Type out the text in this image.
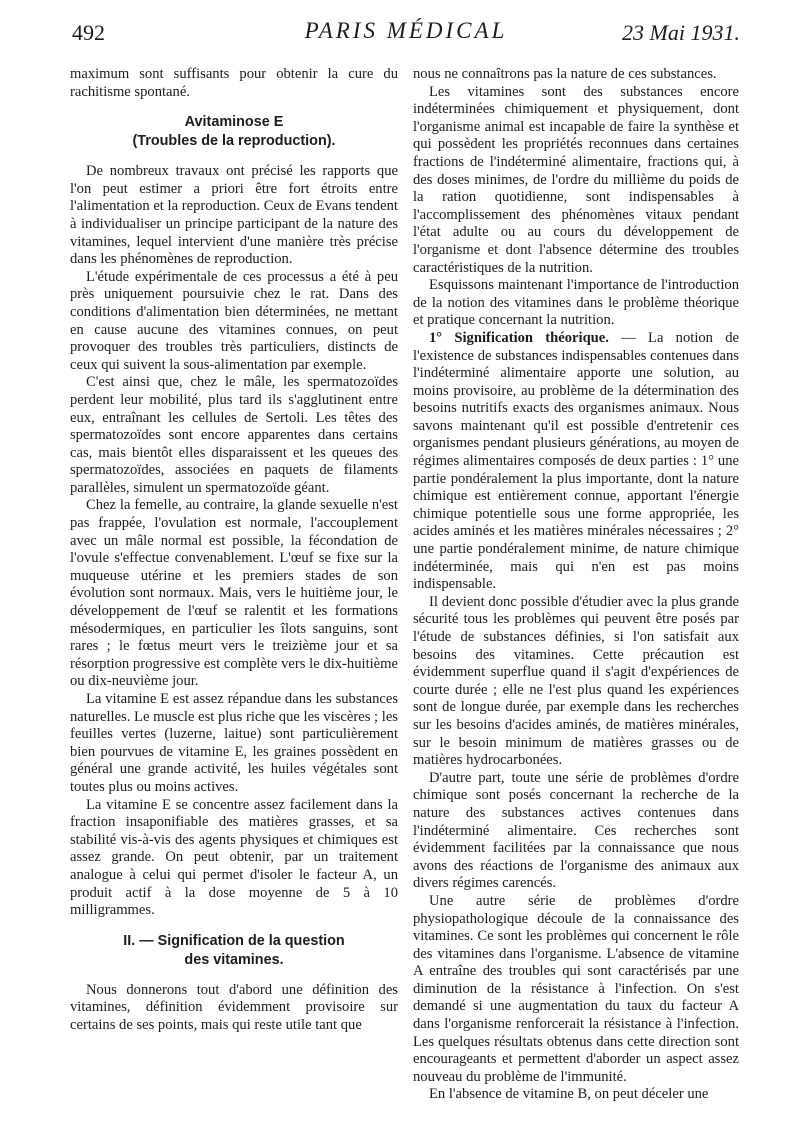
492	PARIS MÉDICAL	23 Mai 1931.

maximum sont suffisants pour obtenir la cure du rachitisme spontané.

Avitaminose E
(Troubles de la reproduction).

De nombreux travaux ont précisé les rapports que l'on peut estimer a priori être fort étroits entre l'alimentation et la reproduction. Ceux de Evans tendent à individualiser un principe participant de la nature des vitamines, lequel intervient d'une manière très précise dans les phénomènes de reproduction.

L'étude expérimentale de ces processus a été à peu près uniquement poursuivie chez le rat. Dans des conditions d'alimentation bien déterminées, ne mettant en cause aucune des vitamines connues, on peut provoquer des troubles très particuliers, distincts de ceux qui suivent la sous-alimentation par exemple.

C'est ainsi que, chez le mâle, les spermatozoïdes perdent leur mobilité, plus tard ils s'agglutinent entre eux, entraînant les cellules de Sertoli. Les têtes des spermatozoïdes sont encore apparentes dans certains cas, mais bientôt elles disparaissent et les queues des spermatozoïdes, associées en paquets de filaments parallèles, simulent un spermatozoïde géant.

Chez la femelle, au contraire, la glande sexuelle n'est pas frappée, l'ovulation est normale, l'accouplement avec un mâle normal est possible, la fécondation de l'ovule s'effectue convenablement. L'œuf se fixe sur la muqueuse utérine et les premiers stades de son évolution sont normaux. Mais, vers le huitième jour, le développement de l'œuf se ralentit et les formations mésodermiques, en particulier les îlots sanguins, sont rares ; le fœtus meurt vers le treizième jour et sa résorption progressive est complète vers le dix-huitième ou dix-neuvième jour.

La vitamine E est assez répandue dans les substances naturelles. Le muscle est plus riche que les viscères ; les feuilles vertes (luzerne, laitue) sont particulièrement bien pourvues de vitamine E, les graines possèdent en général une grande activité, les huiles végétales sont toutes plus ou moins actives.

La vitamine E se concentre assez facilement dans la fraction insaponifiable des matières grasses, et sa stabilité vis-à-vis des agents physiques et chimiques est assez grande. On peut obtenir, par un traitement analogue à celui qui permet d'isoler le facteur A, un produit actif à la dose moyenne de 5 à 10 milligrammes.

II. — Signification de la question
des vitamines.

Nous donnerons tout d'abord une définition des vitamines, définition évidemment provisoire sur certains de ses points, mais qui reste utile tant que

nous ne connaîtrons pas la nature de ces substances.

Les vitamines sont des substances encore indéterminées chimiquement et physiquement, dont l'organisme animal est incapable de faire la synthèse et qui possèdent les propriétés reconnues dans certaines fractions de l'indéterminé alimentaire, fractions qui, à des doses minimes, de l'ordre du millième du poids de la ration quotidienne, sont indispensables à l'accomplissement des phénomènes vitaux pendant l'état adulte ou au cours du développement de l'organisme et dont l'absence détermine des troubles caractéristiques de la nutrition.

Esquissons maintenant l'importance de l'introduction de la notion des vitamines dans le problème théorique et pratique concernant la nutrition.

1° Signification théorique. — La notion de l'existence de substances indispensables contenues dans l'indéterminé alimentaire apporte une solution, au moins provisoire, au problème de la détermination des besoins nutritifs exacts des organismes animaux. Nous savons maintenant qu'il est possible d'entretenir ces organismes pendant plusieurs générations, au moyen de régimes alimentaires composés de deux parties : 1° une partie pondéralement la plus importante, dont la nature chimique est entièrement connue, apportant l'énergie chimique potentielle sous une forme appropriée, les acides aminés et les matières minérales nécessaires ; 2° une partie pondéralement minime, de nature chimique indéterminée, mais qui n'en est pas moins indispensable.

Il devient donc possible d'étudier avec la plus grande sécurité tous les problèmes qui peuvent être posés par l'étude de substances définies, si l'on satisfait aux besoins des vitamines. Cette précaution est évidemment superflue quand il s'agit d'expériences de courte durée ; elle ne l'est plus quand les expériences sont de longue durée, par exemple dans les recherches sur les besoins d'acides aminés, de matières minérales, sur le besoin minimum de matières grasses ou de matières hydrocarbonées.

D'autre part, toute une série de problèmes d'ordre chimique sont posés concernant la recherche de la nature des substances actives contenues dans l'indéterminé alimentaire. Ces recherches sont évidemment facilitées par la connaissance que nous avons des réactions de l'organisme des animaux aux divers régimes carencés.

Une autre série de problèmes d'ordre physiopathologique découle de la connaissance des vitamines. Ce sont les problèmes qui concernent le rôle des vitamines dans l'organisme. L'absence de vitamine A entraîne des troubles qui sont caractérisés par une diminution de la résistance à l'infection. On s'est demandé si une augmentation du taux du facteur A dans l'organisme renforcerait la résistance à l'infection. Les quelques résultats obtenus dans cette direction sont encourageants et permettent d'aborder un aspect assez nouveau du problème de l'immunité.

En l'absence de vitamine B, on peut déceler une
